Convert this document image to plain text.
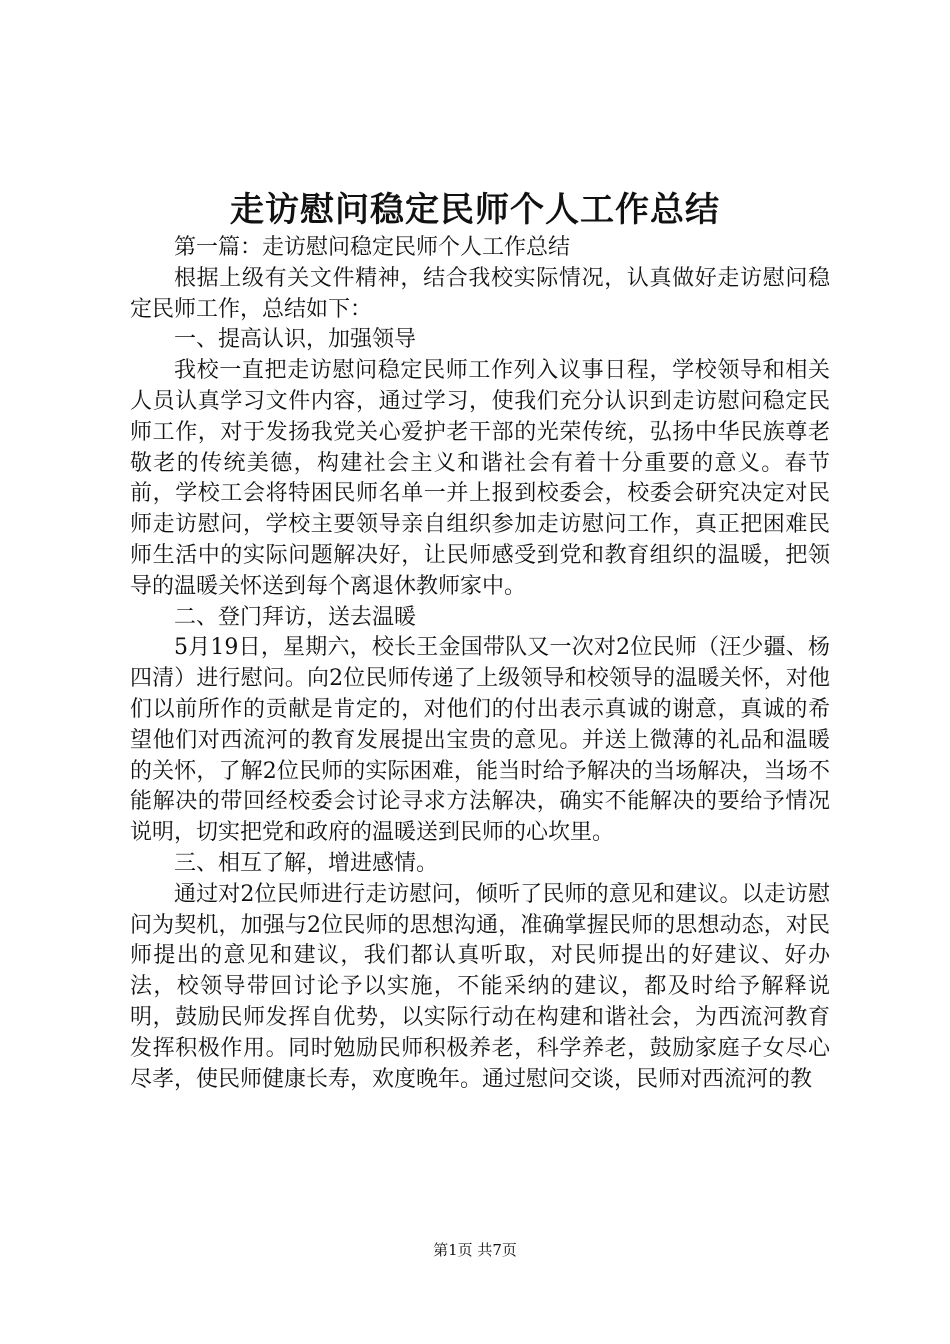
走访慰问稳定民师个人工作总结

第一篇：走访慰问稳定民师个人工作总结

根据上级有关文件精神，结合我校实际情况，认真做好走访慰问稳定民师工作，总结如下：

一、提高认识，加强领导

我校一直把走访慰问稳定民师工作列入议事日程，学校领导和相关人员认真学习文件内容，通过学习，使我们充分认识到走访慰问稳定民师工作，对于发扬我党关心爱护老干部的光荣传统，弘扬中华民族尊老敬老的传统美德，构建社会主义和谐社会有着十分重要的意义。春节前，学校工会将特困民师名单一并上报到校委会，校委会研究决定对民师走访慰问，学校主要领导亲自组织参加走访慰问工作，真正把困难民师生活中的实际问题解决好，让民师感受到党和教育组织的温暖，把领导的温暖关怀送到每个离退休教师家中。

二、登门拜访，送去温暖

5月19日，星期六，校长王金国带队又一次对2位民师（汪少疆、杨四清）进行慰问。向2位民师传递了上级领导和校领导的温暖关怀，对他们以前所作的贡献是肯定的，对他们的付出表示真诚的谢意，真诚的希望他们对西流河的教育发展提出宝贵的意见。并送上微薄的礼品和温暖的关怀，了解2位民师的实际困难，能当时给予解决的当场解决，当场不能解决的带回经校委会讨论寻求方法解决，确实不能解决的要给予情况说明，切实把党和政府的温暖送到民师的心坎里。

三、相互了解，增进感情。

通过对2位民师进行走访慰问，倾听了民师的意见和建议。以走访慰问为契机，加强与2位民师的思想沟通，准确掌握民师的思想动态，对民师提出的意见和建议，我们都认真听取，对民师提出的好建议、好办法，校领导带回讨论予以实施，不能采纳的建议，都及时给予解释说明，鼓励民师发挥自优势，以实际行动在构建和谐社会，为西流河教育发挥积极作用。同时勉励民师积极养老，科学养老，鼓励家庭子女尽心尽孝，使民师健康长寿，欢度晚年。通过慰问交谈，民师对西流河的教

第1页 共7页
